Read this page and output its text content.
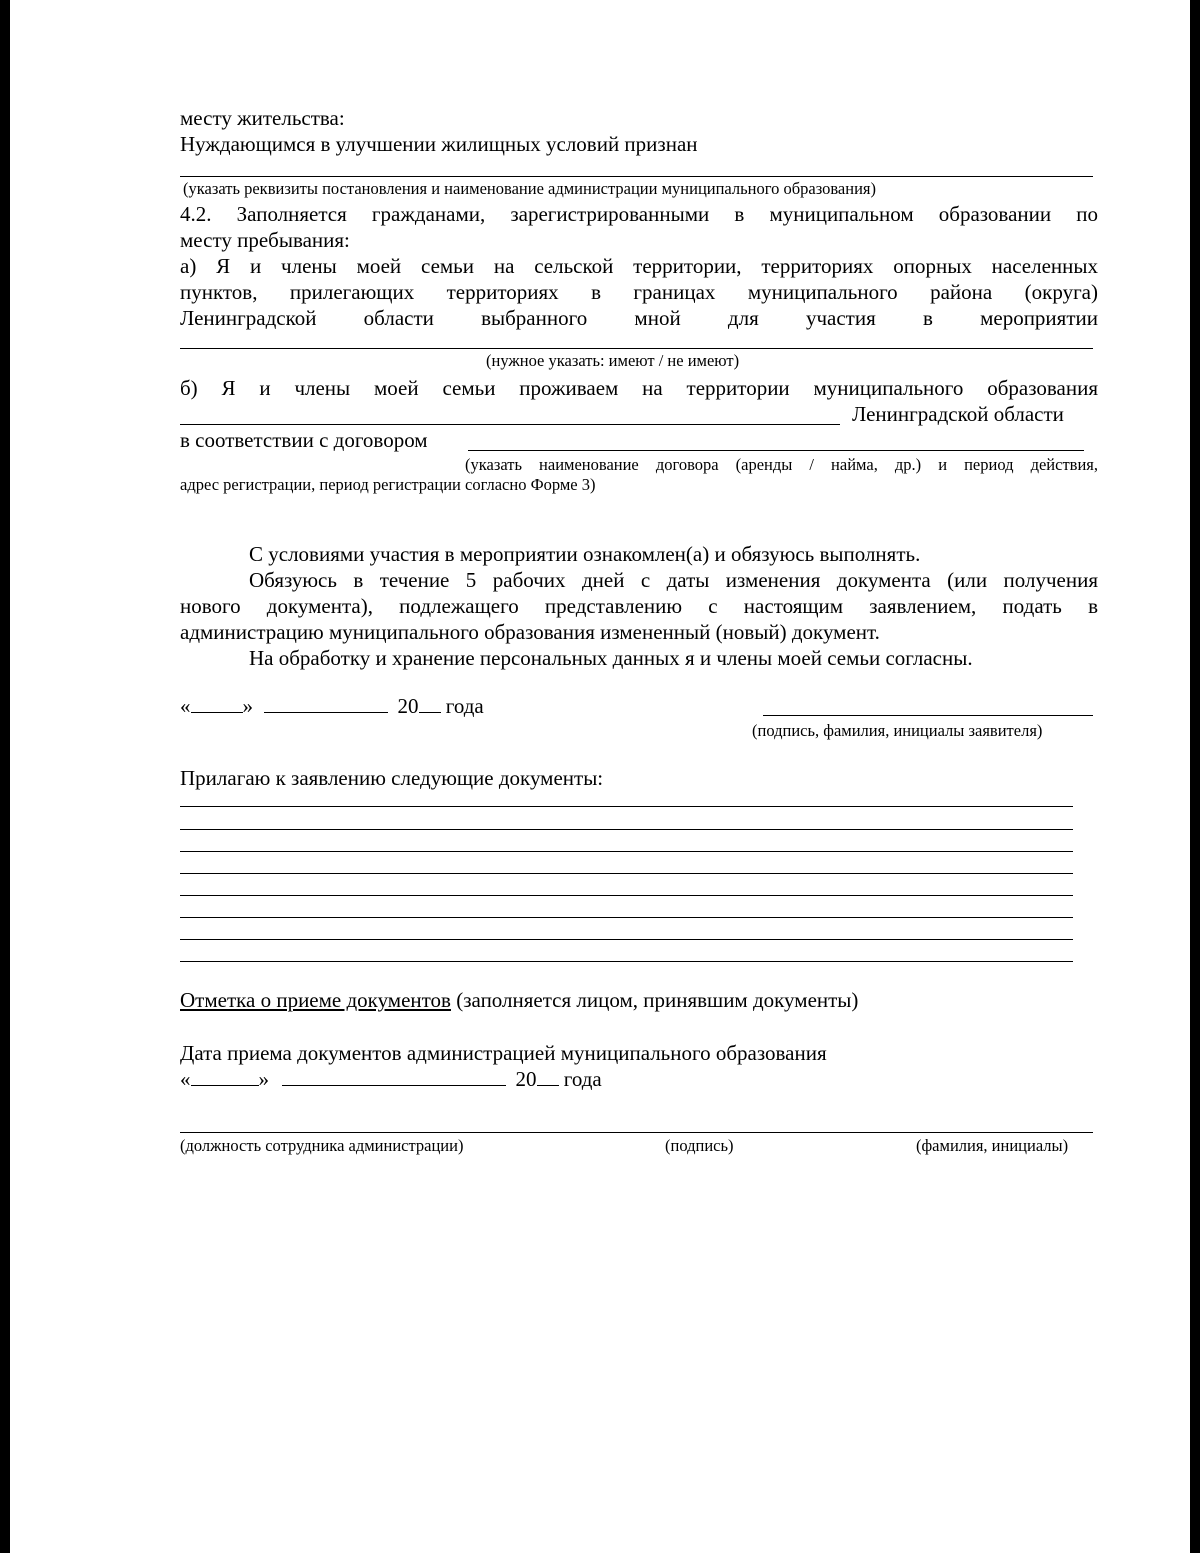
месту жительства:
Нуждающимся в улучшении жилищных условий признан
(указать реквизиты постановления и наименование администрации муниципального образования)
4.2. Заполняется гражданами, зарегистрированными в муниципальном образовании по
месту пребывания:
а) Я и члены моей семьи на сельской территории, территориях опорных населенных
пунктов, прилегающих территориях в границах муниципального района (округа)
Ленинградской области выбранного мной для участия в мероприятии
(нужное указать: имеют / не имеют)
б) Я и члены моей семьи проживаем на территории муниципального образования
Ленинградской области
в соответствии с договором
(указать наименование договора (аренды / найма, др.) и период действия,
адрес регистрации, период регистрации согласно Форме 3)
С условиями участия в мероприятии ознакомлен(а) и обязуюсь выполнять.
Обязуюсь в течение 5 рабочих дней с даты изменения документа (или получения
нового документа), подлежащего представлению с настоящим заявлением, подать в
администрацию муниципального образования измененный (новый) документ.
На обработку и хранение персональных данных я и члены моей семьи согласны.
« »	20 года
(подпись, фамилия, инициалы заявителя)
Прилагаю к заявлению следующие документы:
Отметка о приеме документов (заполняется лицом, принявшим документы)
Дата приема документов администрацией муниципального образования
«	»	20 года
(должность сотрудника администрации)	(подпись)	(фамилия, инициалы)
